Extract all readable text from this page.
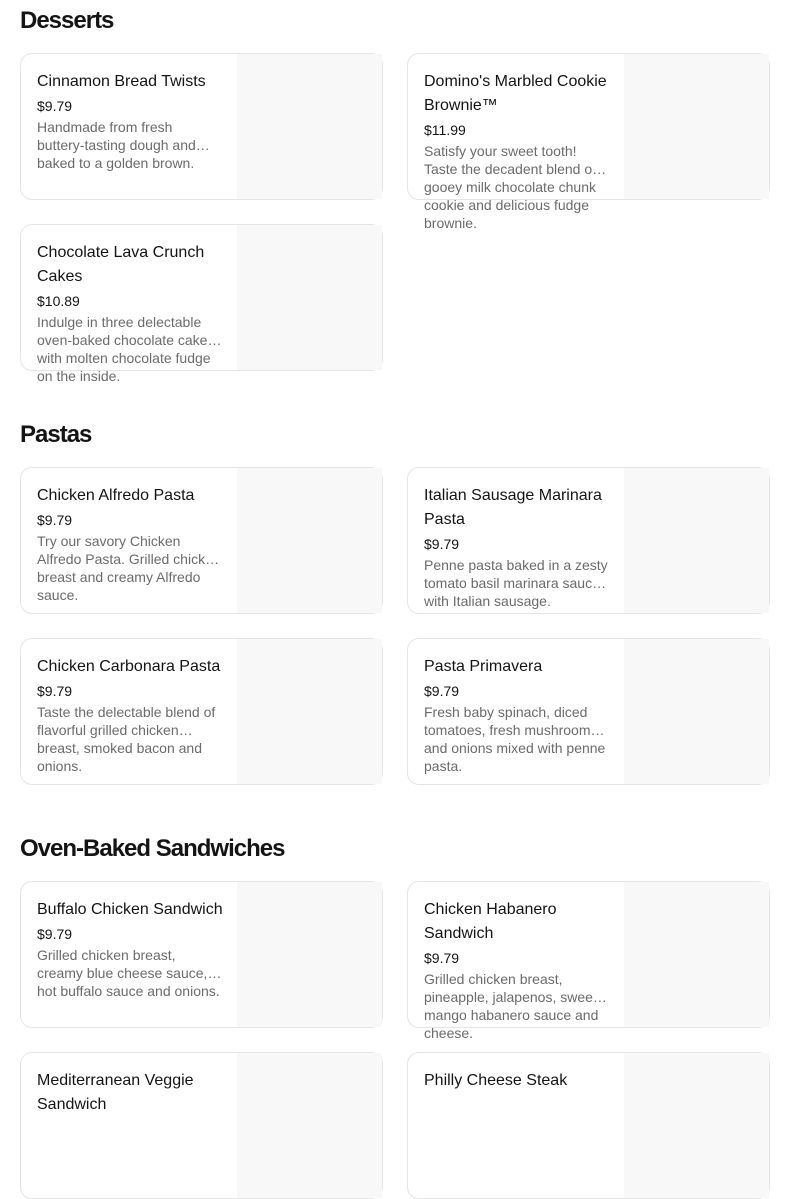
Desserts
Cinnamon Bread Twists
$9.79
Handmade from fresh buttery-tasting dough and baked to a golden brown.
Domino's Marbled Cookie Brownie™
$11.99
Satisfy your sweet tooth! Taste the decadent blend of gooey milk chocolate chunk cookie and delicious fudge brownie.
Chocolate Lava Crunch Cakes
$10.89
Indulge in three delectable oven-baked chocolate cakes with molten chocolate fudge on the inside.
Pastas
Chicken Alfredo Pasta
$9.79
Try our savory Chicken Alfredo Pasta. Grilled chicken breast and creamy Alfredo sauce.
Italian Sausage Marinara Pasta
$9.79
Penne pasta baked in a zesty tomato basil marinara sauce with Italian sausage.
Chicken Carbonara Pasta
$9.79
Taste the delectable blend of flavorful grilled chicken breast, smoked bacon and onions.
Pasta Primavera
$9.79
Fresh baby spinach, diced tomatoes, fresh mushrooms and onions mixed with penne pasta.
Oven-Baked Sandwiches
Buffalo Chicken Sandwich
$9.79
Grilled chicken breast, creamy blue cheese sauce, hot buffalo sauce and onions.
Chicken Habanero Sandwich
$9.79
Grilled chicken breast, pineapple, jalapenos, sweet mango habanero sauce and cheese.
Mediterranean Veggie Sandwich
Philly Cheese Steak
